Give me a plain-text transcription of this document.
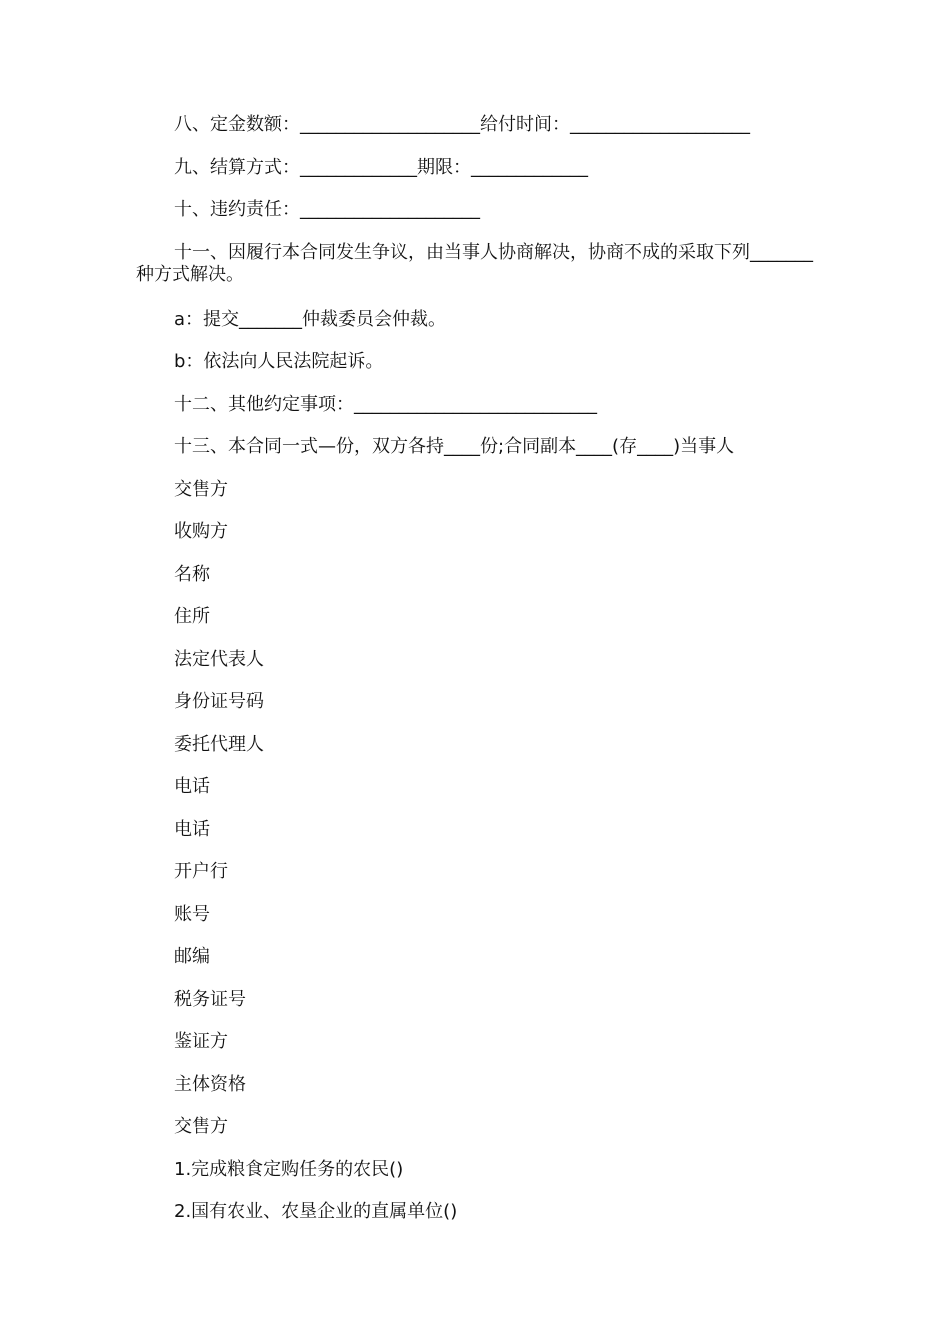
八、定金数额：____________________给付时间：____________________

九、结算方式：_____________期限：_____________

十、违约责任：____________________

十一、因履行本合同发生争议，由当事人协商解决，协商不成的采取下列_______种方式解决。

a：提交_______仲裁委员会仲裁。

b：依法向人民法院起诉。

十二、其他约定事项：___________________________

十三、本合同一式—份，双方各持____份;合同副本____(存____)当事人

交售方

收购方

名称

住所

法定代表人

身份证号码

委托代理人

电话

电话

开户行

账号

邮编

税务证号

鉴证方

主体资格

交售方

1.完成粮食定购任务的农民()

2.国有农业、农垦企业的直属单位()
